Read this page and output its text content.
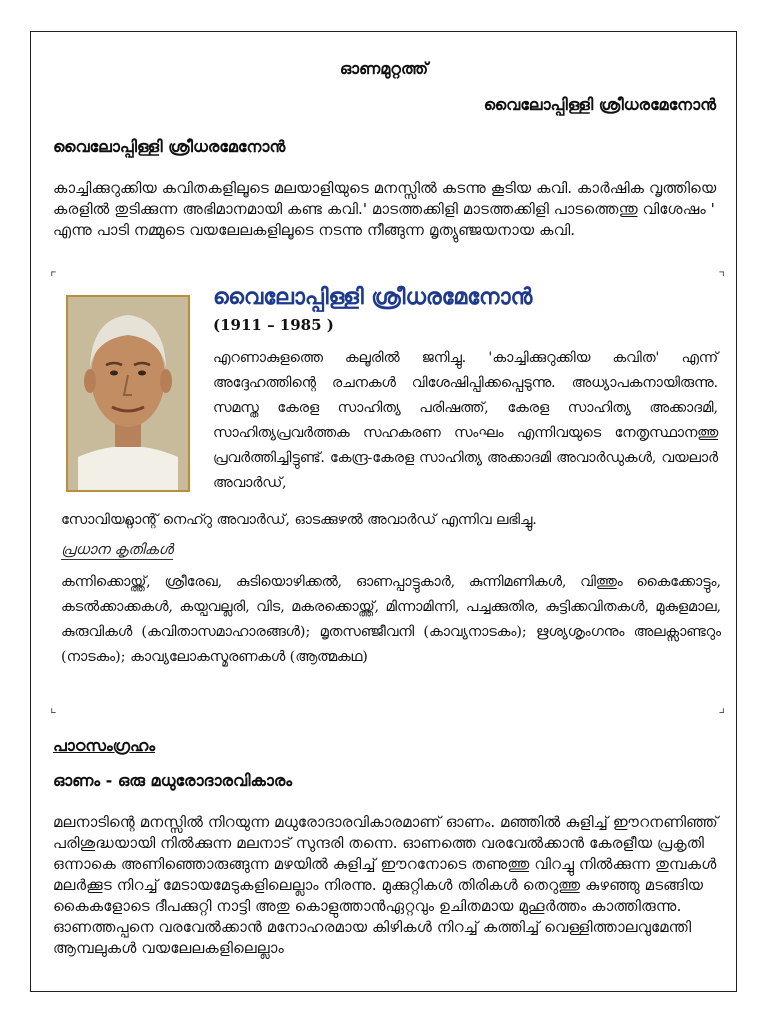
ഓണമുറ്റത്ത്
വൈലോപ്പിള്ളി ശ്രീധരമേനോൻ
വൈലോപ്പിള്ളി ശ്രീധരമേനോൻ

കാച്ചിക്കുറുക്കിയ കവിതകളിലൂടെ മലയാളിയുടെ മനസ്സിൽ കടന്നു കൂടിയ കവി. കാർഷിക വൃത്തിയെ കരളിൽ തുടിക്കുന്ന അഭിമാനമായി കണ്ട കവി.' മാടത്തക്കിളി മാടത്തക്കിളി പാടത്തെന്തു വിശേഷം ' എന്നു പാടി നമ്മുടെ വയലേലകളിലൂടെ നടന്നു നീങ്ങുന്ന മൃത്യുഞ്ജയനായ കവി.

⌜	⌝
⌞	⌟
വൈലോപ്പിള്ളി ശ്രീധരമേനോൻ
(1911 – 1985 )

എറണാകുളത്തെ കലൂരിൽ ജനിച്ചു. 'കാച്ചിക്കുറുക്കിയ കവിത' എന്ന് അദ്ദേഹത്തിന്റെ രചനകൾ വിശേഷിപ്പിക്കപ്പെടുന്നു. അധ്യാപകനായിരുന്നു. സമസ്ത കേരള സാഹിത്യ പരിഷത്ത്, കേരള സാഹിത്യ അക്കാദമി, സാഹിത്യപ്രവർത്തക സഹകരണ സംഘം എന്നിവയുടെ നേതൃസ്ഥാനത്തു പ്രവർത്തിച്ചിട്ടുണ്ട്. കേന്ദ്ര-കേരള സാഹിത്യ അക്കാദമി അവാർഡുകൾ, വയലാർ അവാർഡ്,

സോവിയറ്റ്ലാന്റ് നെഹ്റു അവാർഡ്, ഓടക്കുഴൽ അവാർഡ് എന്നിവ ലഭിച്ചു.

പ്രധാന കൃതികൾ

കന്നിക്കൊയ്ത്ത്, ശ്രീരേഖ, കുടിയൊഴിക്കൽ, ഓണപ്പാട്ടുകാർ, കുന്നിമണികൾ, വിത്തും കൈക്കോട്ടും, കടൽക്കാക്കകൾ, കയ്പവല്ലരി, വിട, മകരക്കൊയ്ത്ത്, മിന്നാമിന്നി, പച്ചക്കുതിര, കുട്ടിക്കവിതകൾ, മുകുളമാല, കുരുവികൾ (കവിതാസമാഹാരങ്ങൾ); മൃതസഞ്ജീവനി (കാവ്യനാടകം); ഋശ്യശൃംഗനും അലക്സാണ്ടറും (നാടകം); കാവ്യലോകസ്മരണകൾ (ആത്മകഥ)

പാഠസംഗ്രഹം
ഓണം - ഒരു മധുരോദാരവികാരം

മലനാടിന്റെ മനസ്സിൽ നിറയുന്ന മധുരോദാരവികാരമാണ് ഓണം. മഞ്ഞിൽ കുളിച്ച് ഈറനണിഞ്ഞ് പരിശുദ്ധയായി നിൽക്കുന്ന മലനാട് സുന്ദരി തന്നെ. ഓണത്തെ വരവേൽക്കാൻ കേരളീയ പ്രകൃതി ഒന്നാകെ അണിഞ്ഞൊരുങ്ങുന്ന മഴയിൽ കുളിച്ച് ഈറനോടെ തണുത്തു വിറച്ചു നിൽക്കുന്ന തുമ്പകൾ മലർക്കൂട നിറച്ച് മേടായമേടുകളിലെല്ലാം നിരന്നു. മുക്കുറ്റികൾ തിരികൾ തെറുത്തു കുഴഞ്ഞു മടങ്ങിയ കൈകളോടെ ദീപക്കുറ്റി നാട്ടി അതു കൊളുത്താൻഏറ്റവും ഉചിതമായ മുഹൂർത്തം കാത്തിരുന്നു. ഓണത്തപ്പനെ വരവേൽക്കാൻ മനോഹരമായ കിഴികൾ നിറച്ച് കത്തിച്ച് വെള്ളിത്താലവുമേന്തി ആമ്പലുകൾ വയലേലകളിലെല്ലാം
